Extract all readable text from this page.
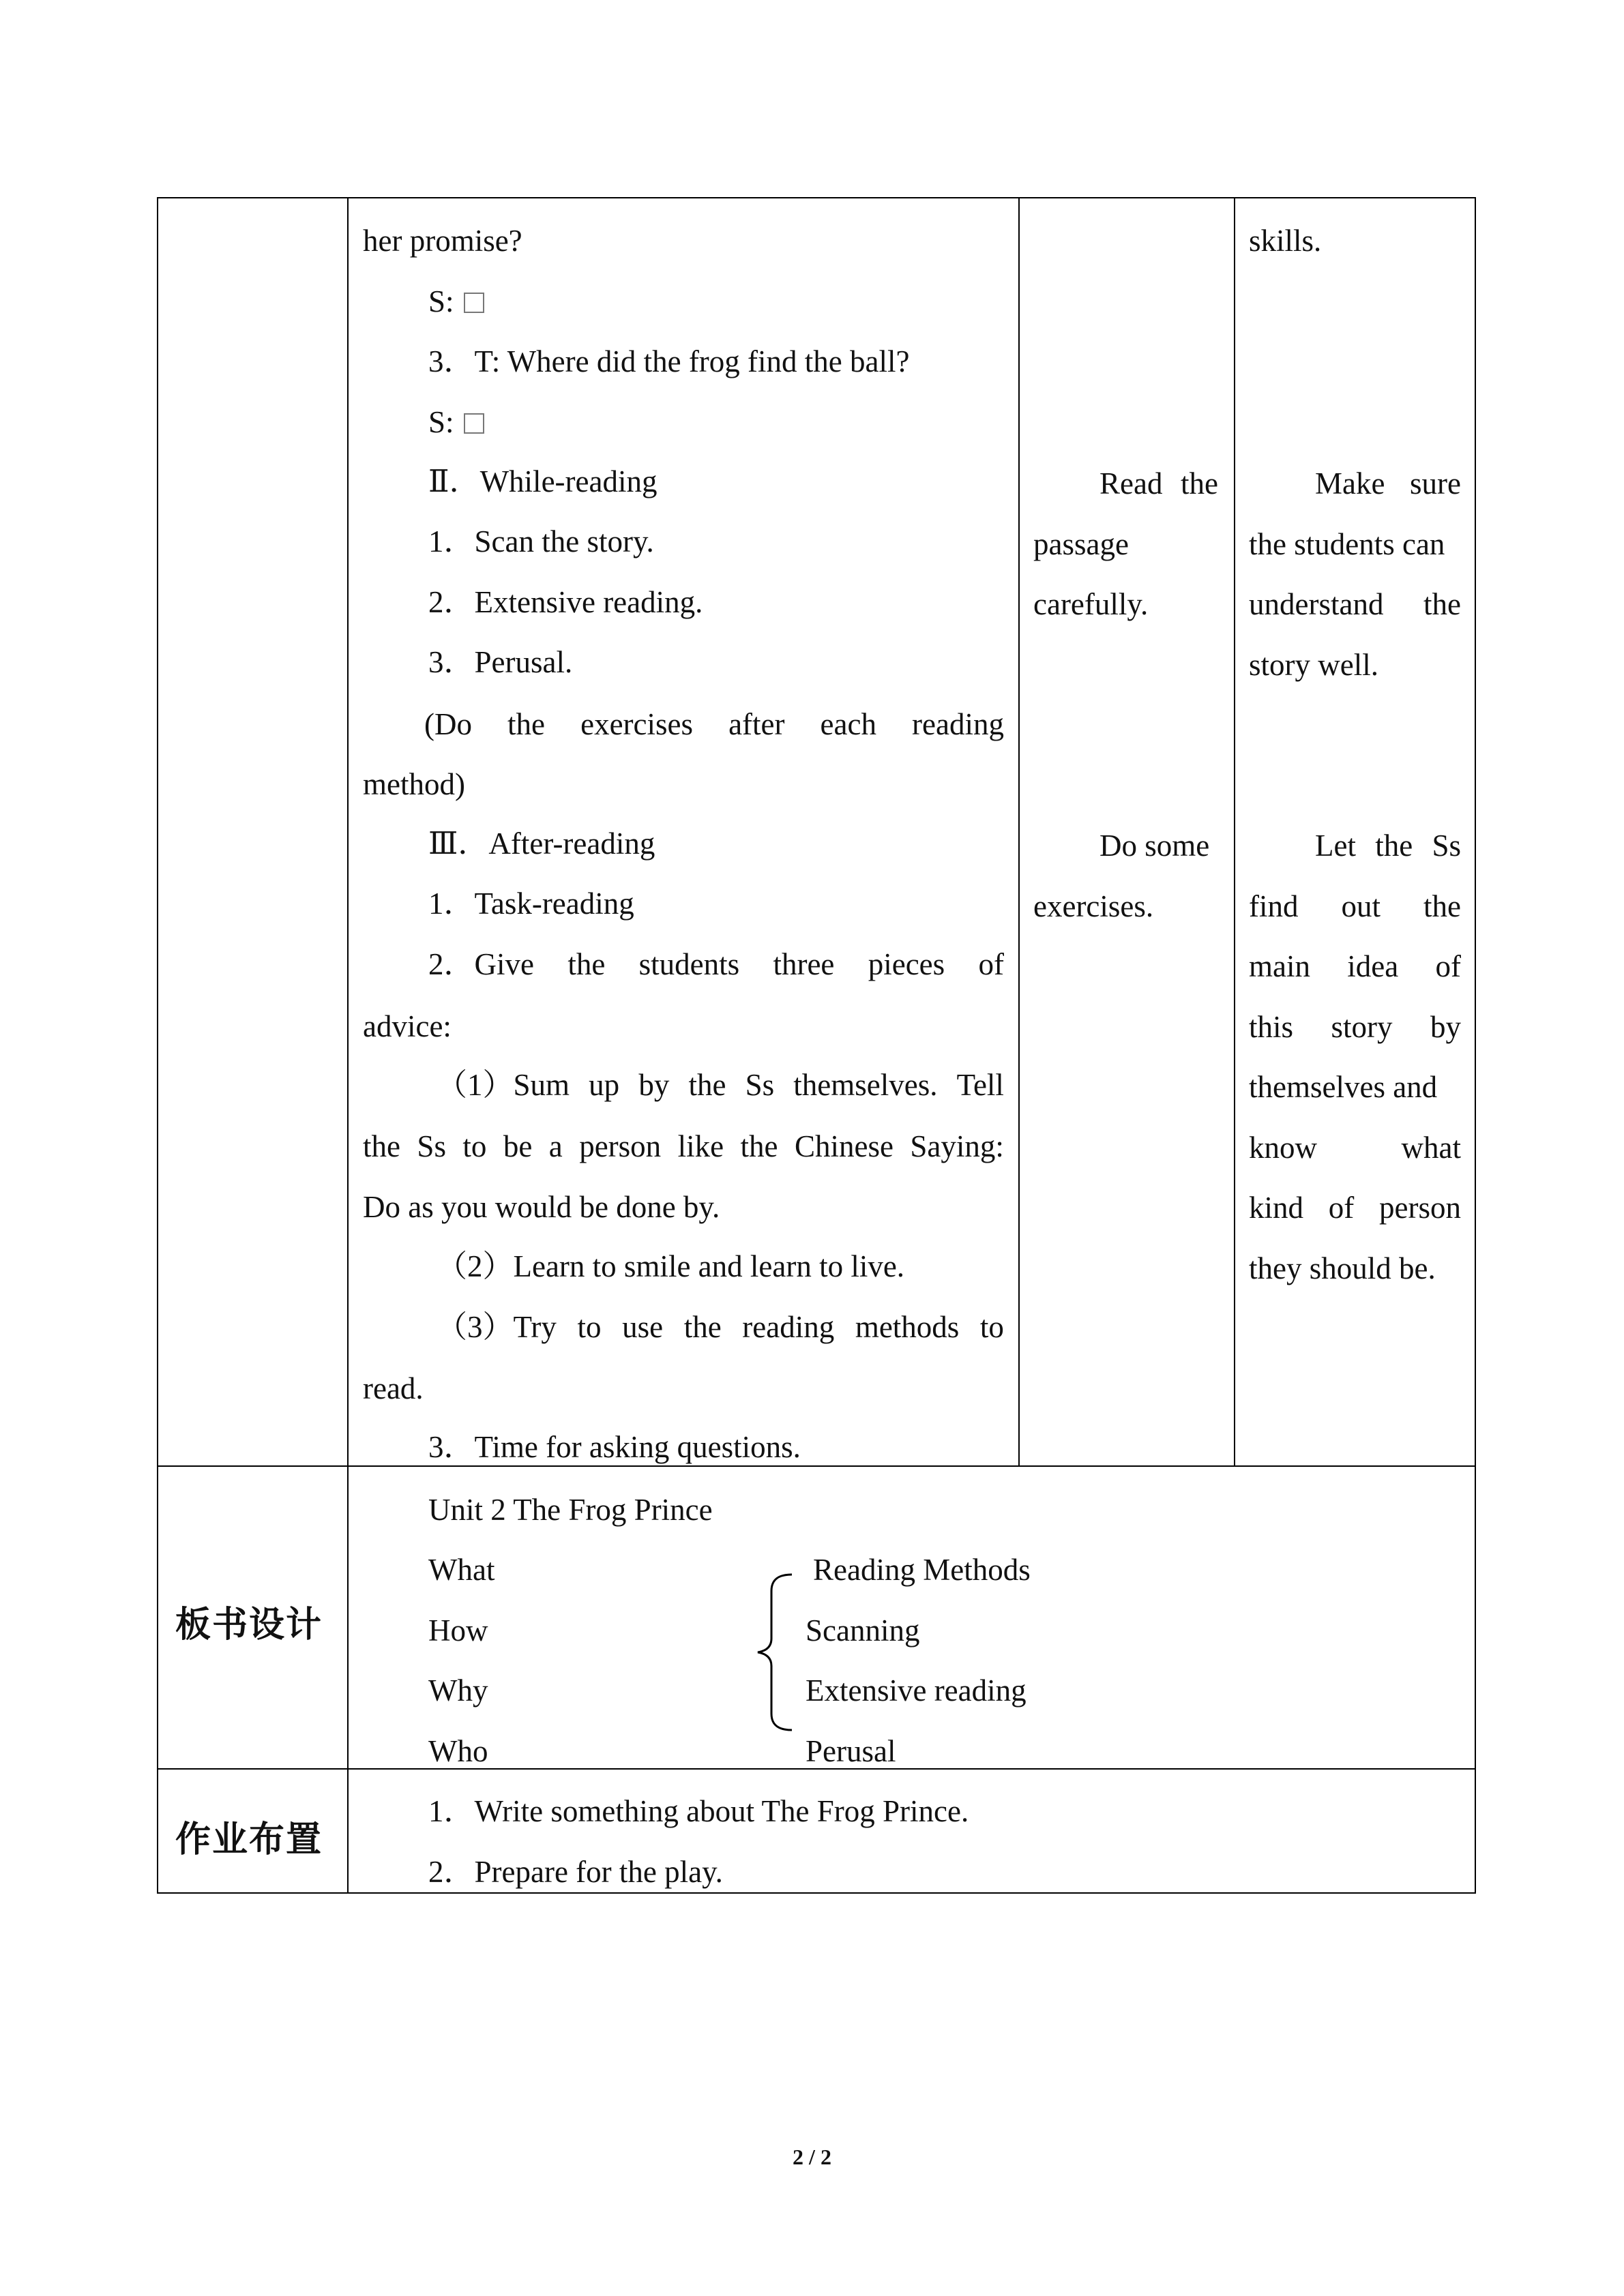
her promise?
S:
3．T: Where did the frog find the ball?
S:
Ⅱ．While-reading
1．Scan the story.
2．Extensive reading.
3．Perusal.
(Do the exercises after each reading
method)
Ⅲ．After-reading
1．Task-reading
2．Give the students three pieces of
advice:
（1）Sum up by the Ss themselves. Tell
the Ss to be a person like the Chinese Saying:
Do as you would be done by.
（2）Learn to smile and learn to live.
（3）Try to use the reading methods to
read.
3．Time for asking questions.
Read the
passage
carefully.
Do some
exercises.
skills.
Make sure
the students can
understand the
story well.
Let the Ss
find out the
main idea of
this story by
themselves and
know	what
kind of person
they should be.
板书设计
Unit 2 The Frog Prince
What
How
Why
Who
Reading Methods
Scanning
Extensive reading
Perusal
作业布置
1．Write something about The Frog Prince.
2．Prepare for the play.
2 / 2
